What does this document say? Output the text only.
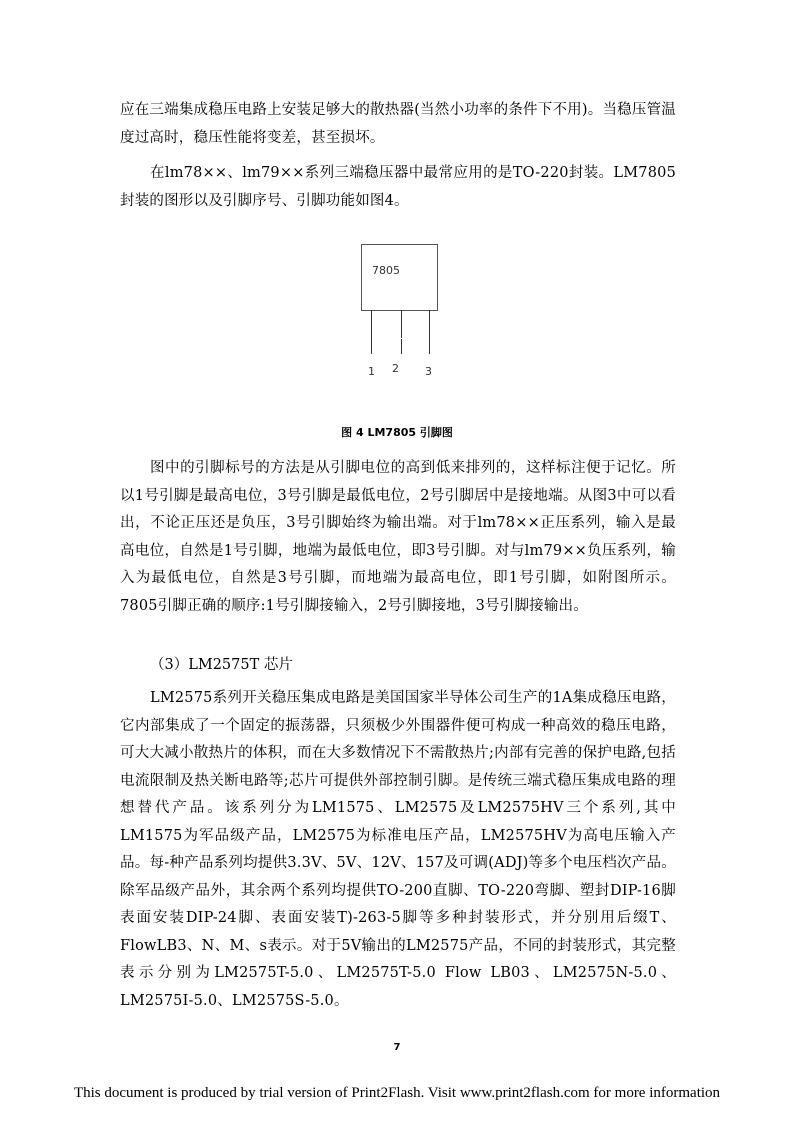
应在三端集成稳压电路上安装足够大的散热器(当然小功率的条件下不用)。当稳压管温度过高时，稳压性能将变差，甚至损坏。

在lm78××、lm79××系列三端稳压器中最常应用的是TO-220封装。LM7805封装的图形以及引脚序号、引脚功能如图4。

7805
1 2 3
图 4 LM7805 引脚图

图中的引脚标号的方法是从引脚电位的高到低来排列的，这样标注便于记忆。所以1号引脚是最高电位，3号引脚是最低电位，2号引脚居中是接地端。从图3中可以看出，不论正压还是负压，3号引脚始终为输出端。对于lm78××正压系列，输入是最高电位，自然是1号引脚，地端为最低电位，即3号引脚。对与lm79××负压系列，输入为最低电位，自然是3号引脚，而地端为最高电位，即1号引脚，如附图所示。7805引脚正确的顺序:1号引脚接输入，2号引脚接地，3号引脚接输出。

（3）LM2575T 芯片

LM2575系列开关稳压集成电路是美国国家半导体公司生产的1A集成稳压电路，它内部集成了一个固定的振荡器，只须极少外围器件便可构成一种高效的稳压电路，可大大减小散热片的体积，而在大多数情况下不需散热片;内部有完善的保护电路,包括电流限制及热关断电路等;芯片可提供外部控制引脚。是传统三端式稳压集成电路的理想替代产品。该系列分为LM1575、LM2575及LM2575HV三个系列,其中LM1575为军品级产品，LM2575为标准电压产品，LM2575HV为高电压输入产品。每-种产品系列均提供3.3V、5V、12V、157及可调(ADJ)等多个电压档次产品。除军品级产品外，其余两个系列均提供TO-200直脚、TO-220弯脚、塑封DIP-16脚表面安装DIP-24脚、表面安装T)-263-5脚等多种封装形式，并分别用后缀T、 FlowLB3、N、M、s表示。对于5V输出的LM2575产品，不同的封装形式，其完整表示分别为LM2575T-5.0、LM2575T-5.0 Flow LB03、LM2575N-5.0、LM2575I-5.0、LM2575S-5.0。

7
This document is produced by trial version of Print2Flash. Visit www.print2flash.com for more information
